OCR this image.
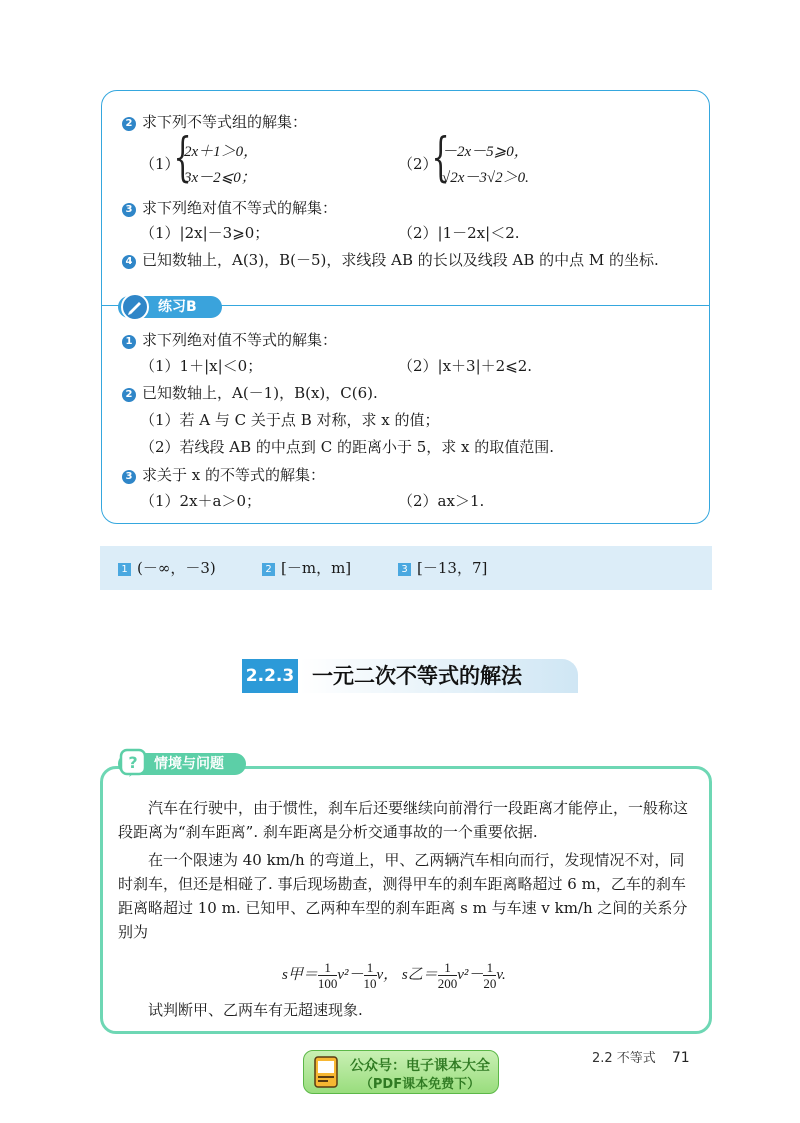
2 求下列不等式组的解集：
（1）
{
2x＋1＞0，
3x－2⩽0；
（2）
{
－2x－5⩾0，
√2x－3√2＞0.
3 求下列绝对值不等式的解集：
（1）|2x|－3⩾0；	（2）|1－2x|＜2.
4 已知数轴上，A(3)，B(－5)，求线段 AB 的长以及线段 AB 的中点 M 的坐标.
练习B
1 求下列绝对值不等式的解集：
（1）1＋|x|＜0；	（2）|x＋3|＋2⩽2.
2 已知数轴上，A(－1)，B(x)，C(6).
（1）若 A 与 C 关于点 B 对称，求 x 的值；
（2）若线段 AB 的中点到 C 的距离小于 5，求 x 的取值范围.
3 求关于 x 的不等式的解集：
（1）2x＋a＞0；	（2）ax＞1.
1 (－∞，－3)	2 [－m，m]	3 [－13，7]
2.2.3 一元二次不等式的解法
情境与问题
?
汽车在行驶中，由于惯性，刹车后还要继续向前滑行一段距离才能停止，一般称这段距离为“刹车距离”. 刹车距离是分析交通事故的一个重要依据.
在一个限速为 40 km/h 的弯道上，甲、乙两辆汽车相向而行，发现情况不对，同时刹车，但还是相碰了. 事后现场勘查，测得甲车的刹车距离略超过 6 m，乙车的刹车距离略超过 10 m. 已知甲、乙两种车型的刹车距离 s m 与车速 v km/h 之间的关系分别为
s甲＝ $\frac{1}{100} v^2- \frac{1}{10}$ v， s乙＝ $\frac{1}{200} v^2- \frac{1}{20} v$.
试判断甲、乙两车有无超速现象.
公众号：电子课本大全
（PDF课本免费下）
2.2 不等式 71
